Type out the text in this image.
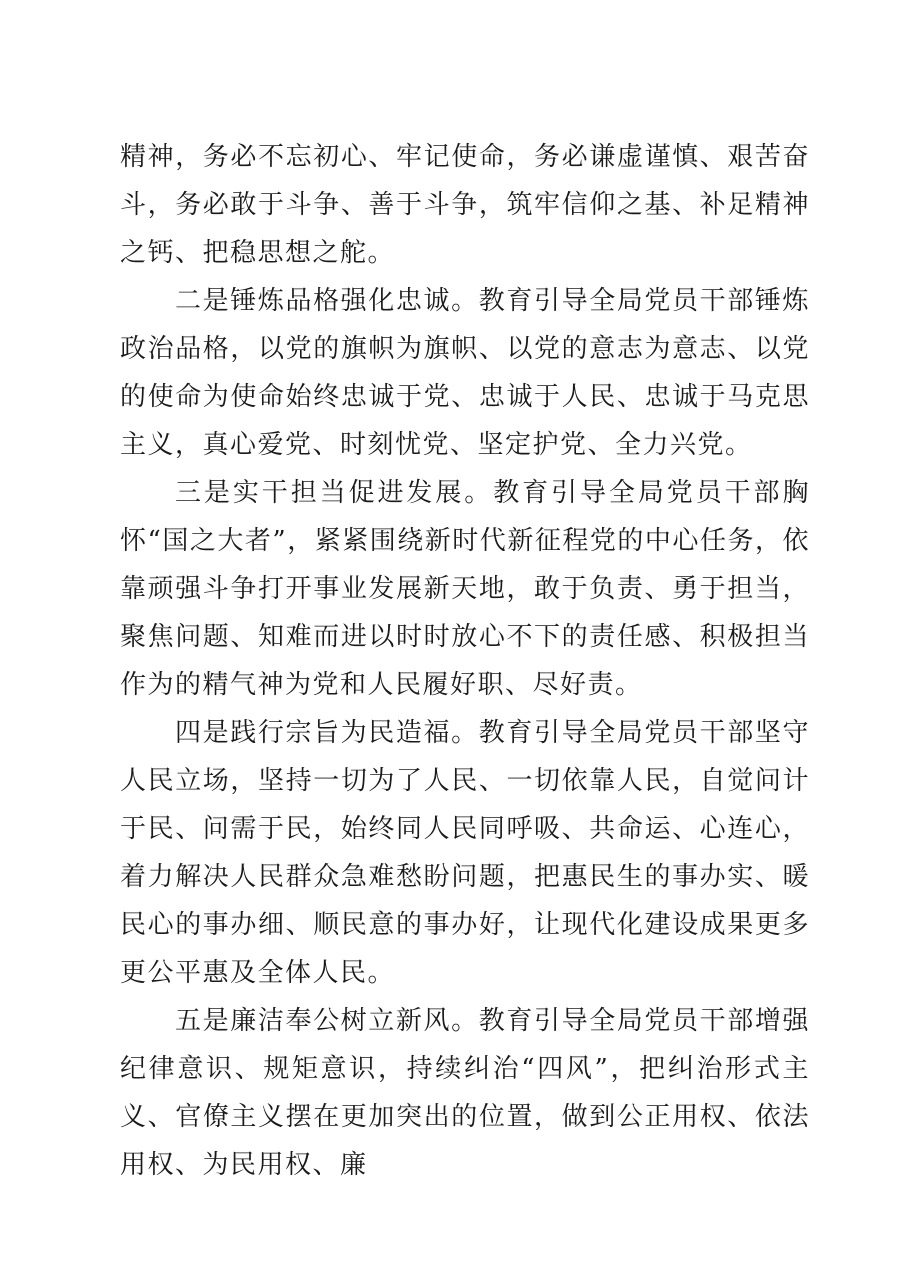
精神，务必不忘初心、牢记使命，务必谦虚谨慎、艰苦奋斗，务必敢于斗争、善于斗争，筑牢信仰之基、补足精神之钙、把稳思想之舵。

二是锤炼品格强化忠诚。教育引导全局党员干部锤炼政治品格，以党的旗帜为旗帜、以党的意志为意志、以党的使命为使命始终忠诚于党、忠诚于人民、忠诚于马克思主义，真心爱党、时刻忧党、坚定护党、全力兴党。

三是实干担当促进发展。教育引导全局党员干部胸怀“国之大者”，紧紧围绕新时代新征程党的中心任务，依靠顽强斗争打开事业发展新天地，敢于负责、勇于担当，聚焦问题、知难而进以时时放心不下的责任感、积极担当作为的精气神为党和人民履好职、尽好责。

四是践行宗旨为民造福。教育引导全局党员干部坚守人民立场，坚持一切为了人民、一切依靠人民，自觉问计于民、问需于民，始终同人民同呼吸、共命运、心连心，着力解决人民群众急难愁盼问题，把惠民生的事办实、暖民心的事办细、顺民意的事办好，让现代化建设成果更多更公平惠及全体人民。

五是廉洁奉公树立新风。教育引导全局党员干部增强纪律意识、规矩意识，持续纠治“四风”，把纠治形式主义、官僚主义摆在更加突出的位置，做到公正用权、依法用权、为民用权、廉
